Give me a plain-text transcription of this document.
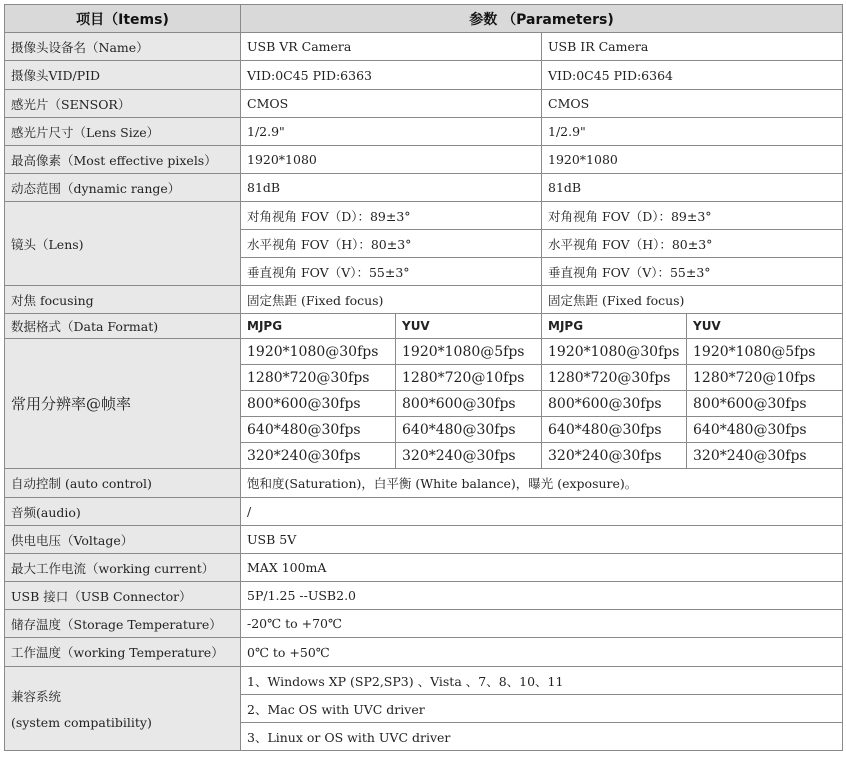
项目（Items)	参数 （Parameters)			
摄像头设备名（Name）	USB VR Camera		USB IR Camera	
摄像头VID/PID	VID:0C45 PID:6363		VID:0C45 PID:6364	
感光片（SENSOR）	CMOS		CMOS	
感光片尺寸（Lens Size）	1/2.9"		1/2.9"	
最高像素（Most effective pixels）	1920*1080		1920*1080	
动态范围（dynamic range）	81dB		81dB	
镜头（Lens)	对角视角 FOV（D）：89±3°		对角视角 FOV（D）：89±3°	
	水平视角 FOV（H）：80±3°		水平视角 FOV（H）：80±3°	
	垂直视角 FOV（V）：55±3°		垂直视角 FOV（V）：55±3°	
对焦 focusing	固定焦距 (Fixed focus)		固定焦距 (Fixed focus)	
数据格式（Data Format)	MJPG	YUV	MJPG	YUV
常用分辨率@帧率	1920*1080@30fps	1920*1080@5fps	1920*1080@30fps	1920*1080@5fps
	1280*720@30fps	1280*720@10fps	1280*720@30fps	1280*720@10fps
	800*600@30fps	800*600@30fps	800*600@30fps	800*600@30fps
	640*480@30fps	640*480@30fps	640*480@30fps	640*480@30fps
	320*240@30fps	320*240@30fps	320*240@30fps	320*240@30fps
自动控制 (auto control)	饱和度(Saturation)，白平衡 (White balance)，曝光 (exposure)。			
音频(audio)	/			
供电电压（Voltage）	USB 5V			
最大工作电流（working current）	MAX 100mA			
USB 接口（USB Connector）	5P/1.25 --USB2.0			
储存温度（Storage Temperature）	-20℃ to +70℃			
工作温度（working Temperature）	0℃ to +50℃			

兼容系统
(system compatibility)	1、Windows XP (SP2,SP3) 、Vista 、7、8、10、11			
	2、Mac OS with UVC driver			
	3、Linux or OS with UVC driver			
